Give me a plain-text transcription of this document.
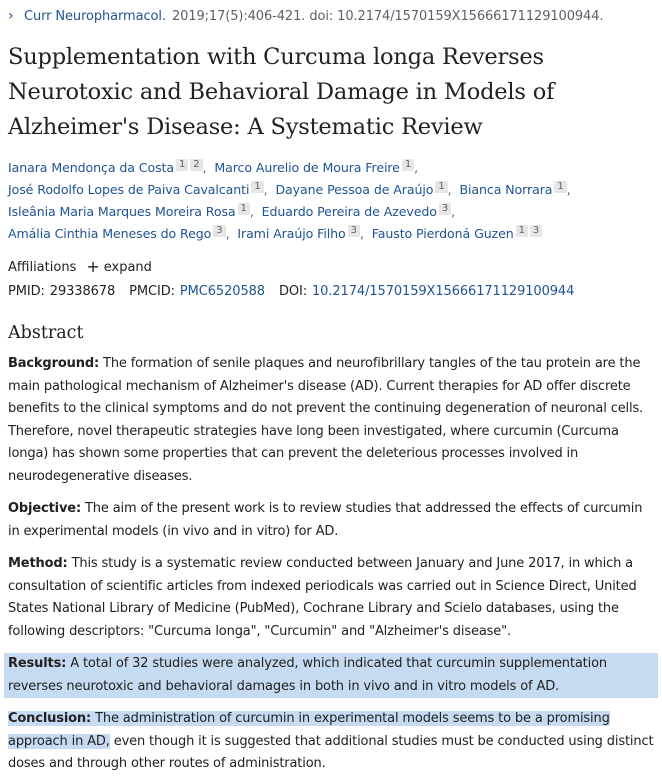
› Curr Neuropharmacol. 2019;17(5):406-421. doi: 10.2174/1570159X15666171129100944.
Supplementation with Curcuma longa Reverses Neurotoxic and Behavioral Damage in Models of Alzheimer's Disease: A Systematic Review
Ianara Mendonça da Costa 1 2 , Marco Aurelio de Moura Freire 1 , José Rodolfo Lopes de Paiva Cavalcanti 1 , Dayane Pessoa de Araújo 1 , Bianca Norrara 1 , Isleânia Maria Marques Moreira Rosa 1 , Eduardo Pereira de Azevedo 3 , Amália Cinthia Meneses do Rego 3 , Irami Araújo Filho 3 , Fausto Pierdoná Guzen 1 3
Affiliations + expand
PMID: 29338678 PMCID: PMC6520588 DOI: 10.2174/1570159X15666171129100944
Abstract

Background: The formation of senile plaques and neurofibrillary tangles of the tau protein are the main pathological mechanism of Alzheimer's disease (AD). Current therapies for AD offer discrete benefits to the clinical symptoms and do not prevent the continuing degeneration of neuronal cells. Therefore, novel therapeutic strategies have long been investigated, where curcumin (Curcuma longa) has shown some properties that can prevent the deleterious processes involved in neurodegenerative diseases.

Objective: The aim of the present work is to review studies that addressed the effects of curcumin in experimental models (in vivo and in vitro) for AD.

Method: This study is a systematic review conducted between January and June 2017, in which a consultation of scientific articles from indexed periodicals was carried out in Science Direct, United States National Library of Medicine (PubMed), Cochrane Library and Scielo databases, using the following descriptors: "Curcuma longa", "Curcumin" and "Alzheimer's disease".

Results: A total of 32 studies were analyzed, which indicated that curcumin supplementation reverses neurotoxic and behavioral damages in both in vivo and in vitro models of AD.

Conclusion: The administration of curcumin in experimental models seems to be a promising approach in AD, even though it is suggested that additional studies must be conducted using distinct doses and through other routes of administration.
